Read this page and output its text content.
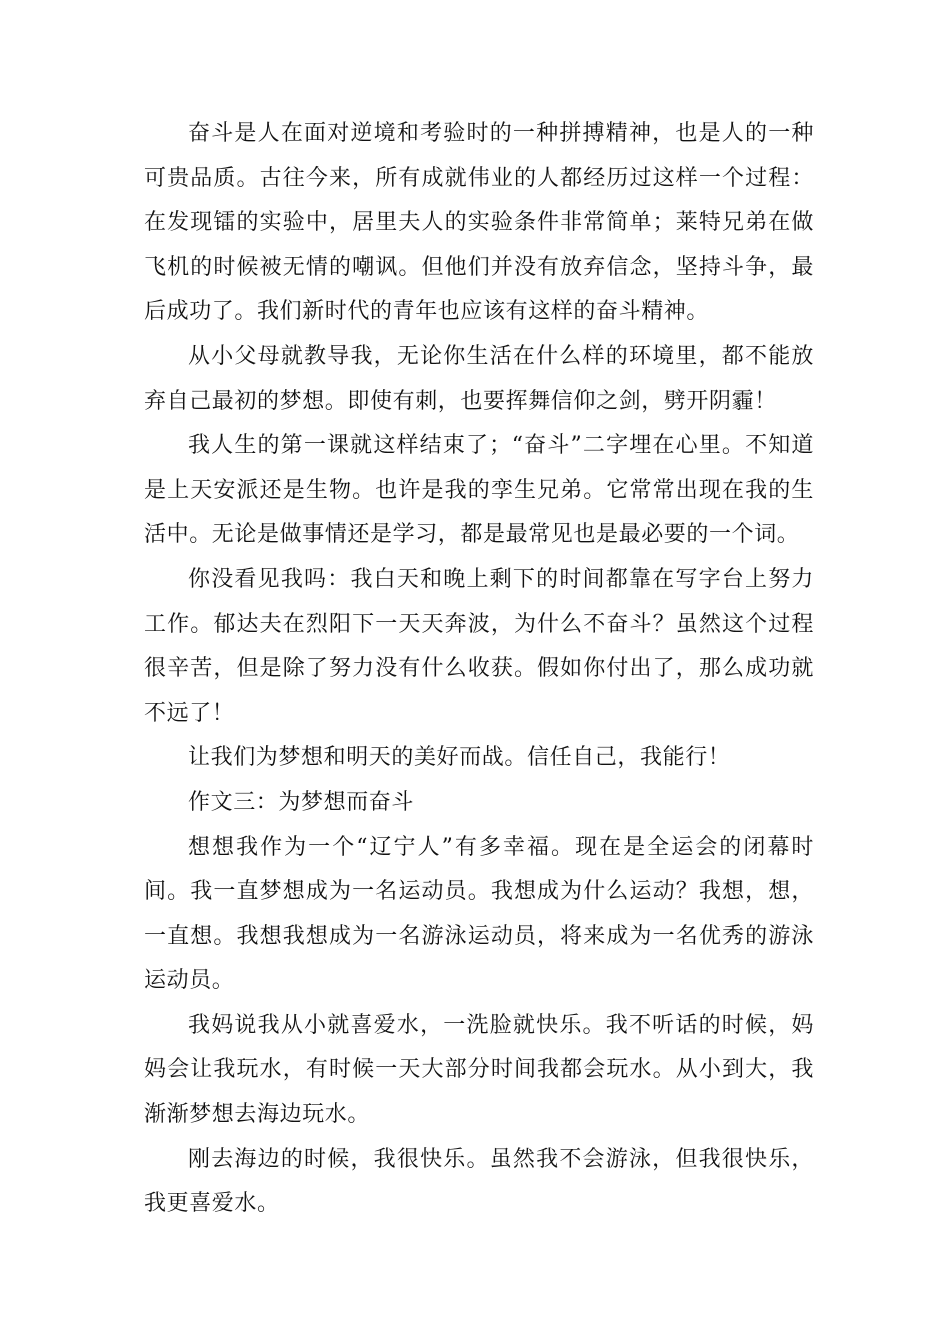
奋斗是人在面对逆境和考验时的一种拼搏精神，也是人的一种可贵品质。古往今来，所有成就伟业的人都经历过这样一个过程：在发现镭的实验中，居里夫人的实验条件非常简单；莱特兄弟在做飞机的时候被无情的嘲讽。但他们并没有放弃信念，坚持斗争，最后成功了。我们新时代的青年也应该有这样的奋斗精神。

从小父母就教导我，无论你生活在什么样的环境里，都不能放弃自己最初的梦想。即使有刺，也要挥舞信仰之剑，劈开阴霾！

我人生的第一课就这样结束了；“奋斗”二字埋在心里。不知道是上天安派还是生物。也许是我的孪生兄弟。它常常出现在我的生活中。无论是做事情还是学习，都是最常见也是最必要的一个词。

你没看见我吗：我白天和晚上剩下的时间都靠在写字台上努力工作。郁达夫在烈阳下一天天奔波，为什么不奋斗？虽然这个过程很辛苦，但是除了努力没有什么收获。假如你付出了，那么成功就不远了！

让我们为梦想和明天的美好而战。信任自己，我能行！

作文三：为梦想而奋斗

想想我作为一个“辽宁人”有多幸福。现在是全运会的闭幕时间。我一直梦想成为一名运动员。我想成为什么运动？我想，想，一直想。我想我想成为一名游泳运动员，将来成为一名优秀的游泳运动员。

我妈说我从小就喜爱水，一洗脸就快乐。我不听话的时候，妈妈会让我玩水，有时候一天大部分时间我都会玩水。从小到大，我渐渐梦想去海边玩水。

刚去海边的时候，我很快乐。虽然我不会游泳，但我很快乐，我更喜爱水。
